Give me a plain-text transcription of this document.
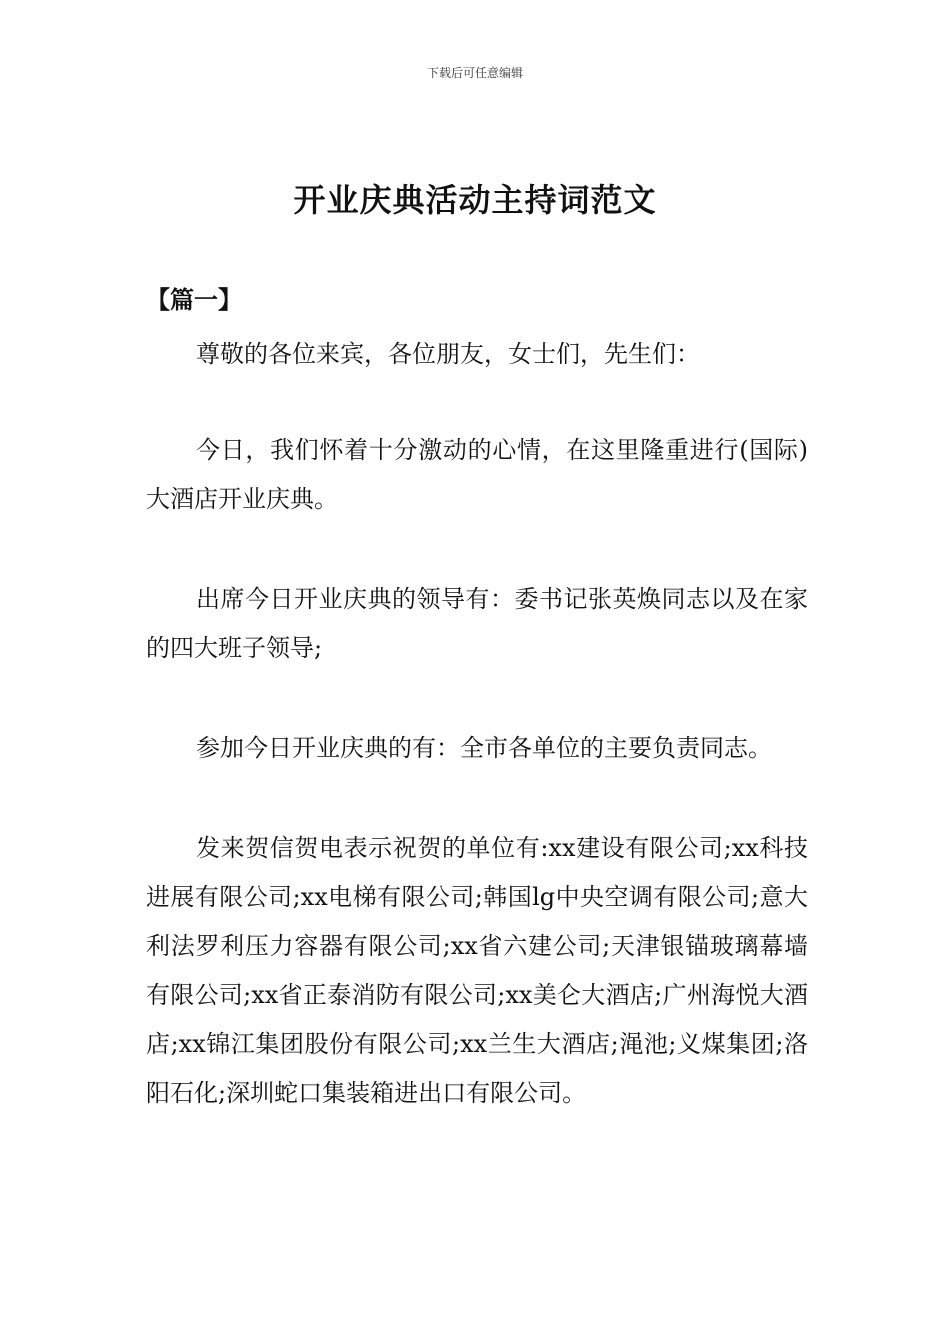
下载后可任意编辑
开业庆典活动主持词范文
【篇一】

尊敬的各位来宾，各位朋友，女士们，先生们：

今日，我们怀着十分激动的心情，在这里隆重进行(国际)大酒店开业庆典。

出席今日开业庆典的领导有：委书记张英焕同志以及在家的四大班子领导;

参加今日开业庆典的有：全市各单位的主要负责同志。

发来贺信贺电表示祝贺的单位有:xx建设有限公司;xx科技进展有限公司;xx电梯有限公司;韩国lg中央空调有限公司;意大利法罗利压力容器有限公司;xx省六建公司;天津银锚玻璃幕墙有限公司;xx省正泰消防有限公司;xx美仑大酒店;广州海悦大酒店;xx锦江集团股份有限公司;xx兰生大酒店;渑池;义煤集团;洛阳石化;深圳蛇口集装箱进出口有限公司。
